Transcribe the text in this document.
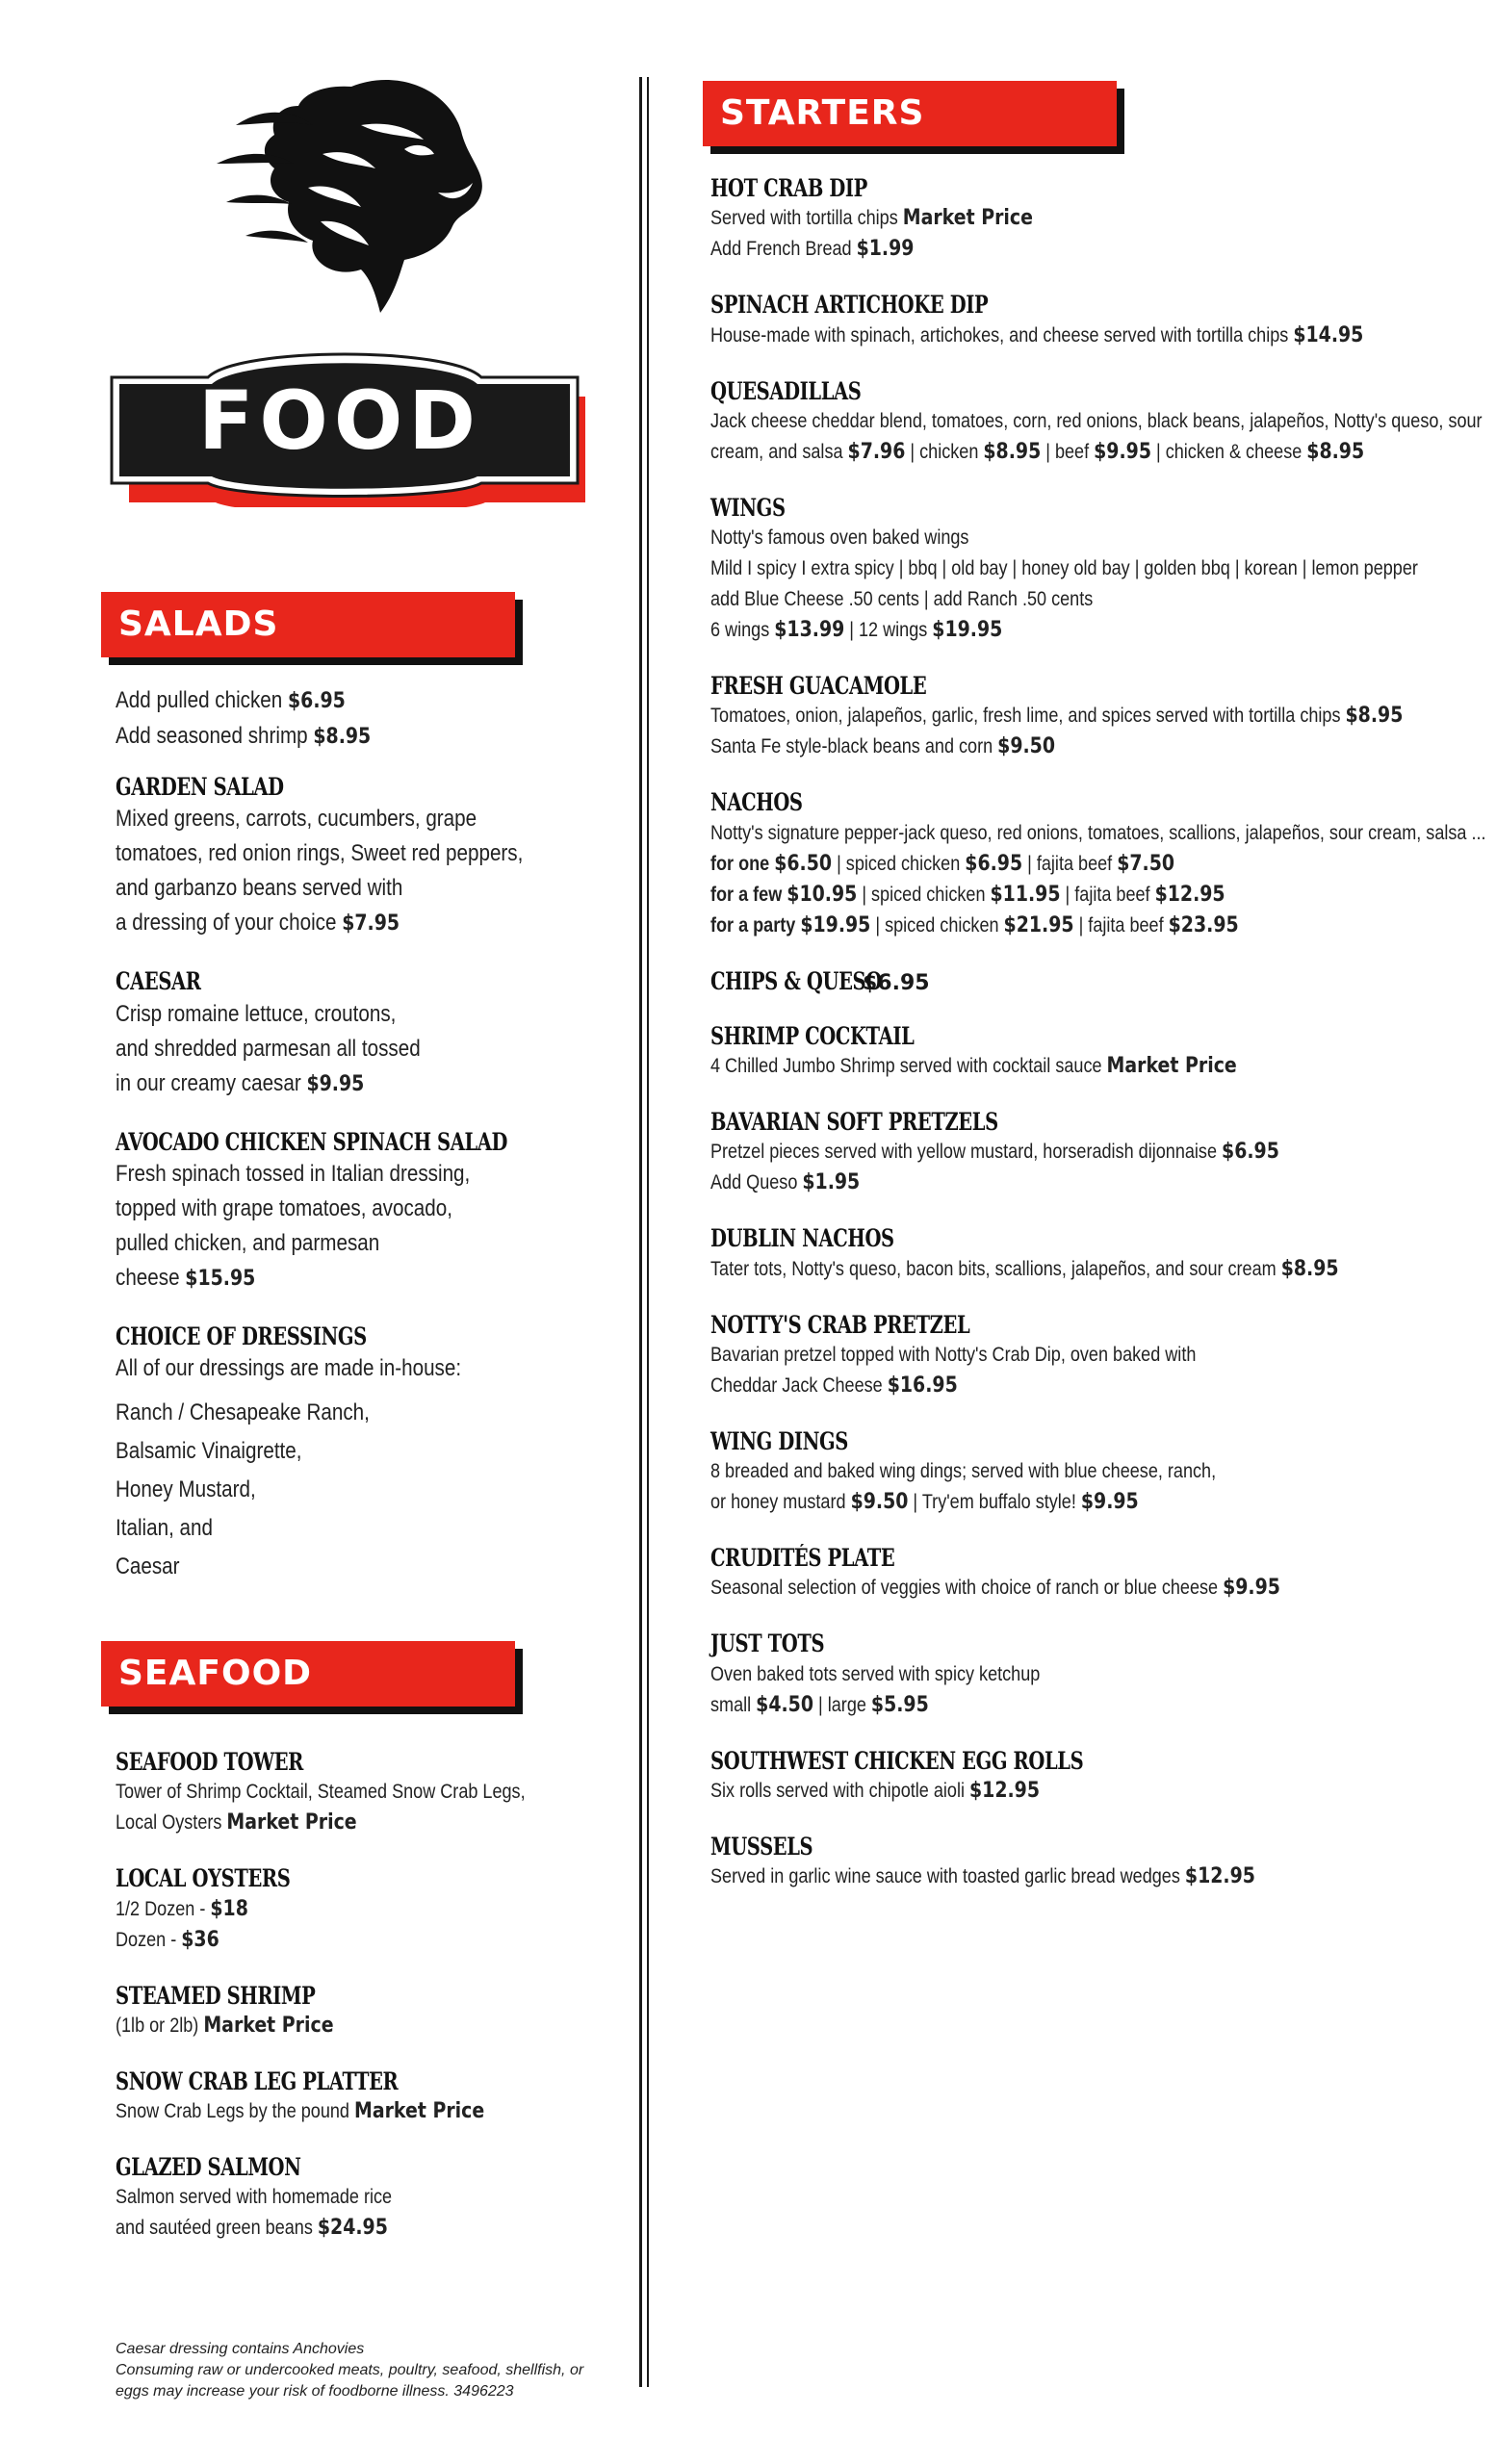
FOOD
SALADS
SEAFOOD
STARTERS
Add pulled chicken $6.95
Add seasoned shrimp $8.95
GARDEN SALAD
Mixed greens, carrots, cucumbers, grape
tomatoes, red onion rings, Sweet red peppers,
and garbanzo beans served with
a dressing of your choice $7.95
CAESAR
Crisp romaine lettuce, croutons,
and shredded parmesan all tossed
in our creamy caesar $9.95
AVOCADO CHICKEN SPINACH SALAD
Fresh spinach tossed in Italian dressing,
topped with grape tomatoes, avocado,
pulled chicken, and parmesan
cheese $15.95
CHOICE OF DRESSINGS
All of our dressings are made in-house:
Ranch / Chesapeake Ranch,
Balsamic Vinaigrette,
Honey Mustard,
Italian, and
Caesar
SEAFOOD TOWER
Tower of Shrimp Cocktail, Steamed Snow Crab Legs,
Local Oysters Market Price
LOCAL OYSTERS
1/2 Dozen - $18
Dozen - $36
STEAMED SHRIMP
(1lb or 2lb) Market Price
SNOW CRAB LEG PLATTER
Snow Crab Legs by the pound Market Price
GLAZED SALMON
Salmon served with homemade rice
and sautéed green beans $24.95
Caesar dressing contains Anchovies
Consuming raw or undercooked meats, poultry, seafood, shellfish, or
eggs may increase your risk of foodborne illness. 3496223
HOT CRAB DIP
Served with tortilla chips Market Price
Add French Bread $1.99
SPINACH ARTICHOKE DIP
House-made with spinach, artichokes, and cheese served with tortilla chips $14.95
QUESADILLAS
Jack cheese cheddar blend, tomatoes, corn, red onions, black beans, jalapeños, Notty's queso, sour
cream, and salsa $7.96 | chicken $8.95 | beef $9.95 | chicken & cheese $8.95
WINGS
Notty's famous oven baked wings
Mild I spicy I extra spicy | bbq | old bay | honey old bay | golden bbq | korean | lemon pepper
add Blue Cheese .50 cents | add Ranch .50 cents
6 wings $13.99 | 12 wings $19.95
FRESH GUACAMOLE
Tomatoes, onion, jalapeños, garlic, fresh lime, and spices served with tortilla chips $8.95
Santa Fe style-black beans and corn $9.50
NACHOS
Notty's signature pepper-jack queso, red onions, tomatoes, scallions, jalapeños, sour cream, salsa ...
for one $6.50 | spiced chicken $6.95 | fajita beef $7.50
for a few $10.95 | spiced chicken $11.95 | fajita beef $12.95
for a party $19.95 | spiced chicken $21.95 | fajita beef $23.95
CHIPS & QUESO
$6.95
SHRIMP COCKTAIL
4 Chilled Jumbo Shrimp served with cocktail sauce Market Price
BAVARIAN SOFT PRETZELS
Pretzel pieces served with yellow mustard, horseradish dijonnaise $6.95
Add Queso $1.95
DUBLIN NACHOS
Tater tots, Notty's queso, bacon bits, scallions, jalapeños, and sour cream $8.95
NOTTY'S CRAB PRETZEL
Bavarian pretzel topped with Notty's Crab Dip, oven baked with
Cheddar Jack Cheese $16.95
WING DINGS
8 breaded and baked wing dings; served with blue cheese, ranch,
or honey mustard $9.50 | Try'em buffalo style! $9.95
CRUDITÉS PLATE
Seasonal selection of veggies with choice of ranch or blue cheese $9.95
JUST TOTS
Oven baked tots served with spicy ketchup
small $4.50 | large $5.95
SOUTHWEST CHICKEN EGG ROLLS
Six rolls served with chipotle aioli $12.95
MUSSELS
Served in garlic wine sauce with toasted garlic bread wedges $12.95
